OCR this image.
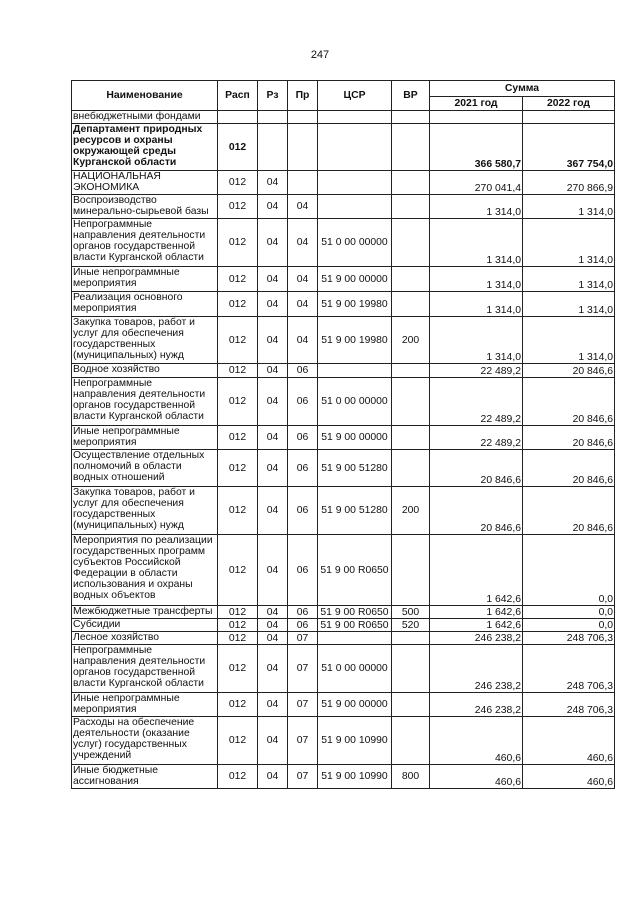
247
Наименование	Расп	Рз	Пр	ЦСР	ВР	Сумма	
						2021 год	2022 год
внебюджетными фондами							
Департамент природных ресурсов и охраны окружающей среды Курганской области	012					366 580,7	367 754,0
НАЦИОНАЛЬНАЯ ЭКОНОМИКА	012	04				270 041,4	270 866,9
Воспроизводство минерально-сырьевой базы	012	04	04			1 314,0	1 314,0
Непрограммные направления деятельности органов государственной власти Курганской области	012	04	04	51 0 00 00000		1 314,0	1 314,0
Иные непрограммные мероприятия	012	04	04	51 9 00 00000		1 314,0	1 314,0
Реализация основного мероприятия	012	04	04	51 9 00 19980		1 314,0	1 314,0
Закупка товаров, работ и услуг для обеспечения государственных (муниципальных) нужд	012	04	04	51 9 00 19980	200	1 314,0	1 314,0
Водное хозяйство	012	04	06			22 489,2	20 846,6
Непрограммные направления деятельности органов государственной власти Курганской области	012	04	06	51 0 00 00000		22 489,2	20 846,6
Иные непрограммные мероприятия	012	04	06	51 9 00 00000		22 489,2	20 846,6
Осуществление отдельных полномочий в области водных отношений	012	04	06	51 9 00 51280		20 846,6	20 846,6
Закупка товаров, работ и услуг для обеспечения государственных (муниципальных) нужд	012	04	06	51 9 00 51280	200	20 846,6	20 846,6
Мероприятия по реализации государственных программ субъектов Российской Федерации в области использования и охраны водных объектов	012	04	06	51 9 00 R0650		1 642,6	0,0
Межбюджетные трансферты	012	04	06	51 9 00 R0650	500	1 642,6	0,0
Субсидии	012	04	06	51 9 00 R0650	520	1 642,6	0,0
Лесное хозяйство	012	04	07			246 238,2	248 706,3
Непрограммные направления деятельности органов государственной власти Курганской области	012	04	07	51 0 00 00000		246 238,2	248 706,3
Иные непрограммные мероприятия	012	04	07	51 9 00 00000		246 238,2	248 706,3
Расходы на обеспечение деятельности (оказание услуг) государственных учреждений	012	04	07	51 9 00 10990		460,6	460,6
Иные бюджетные ассигнования	012	04	07	51 9 00 10990	800	460,6	460,6
